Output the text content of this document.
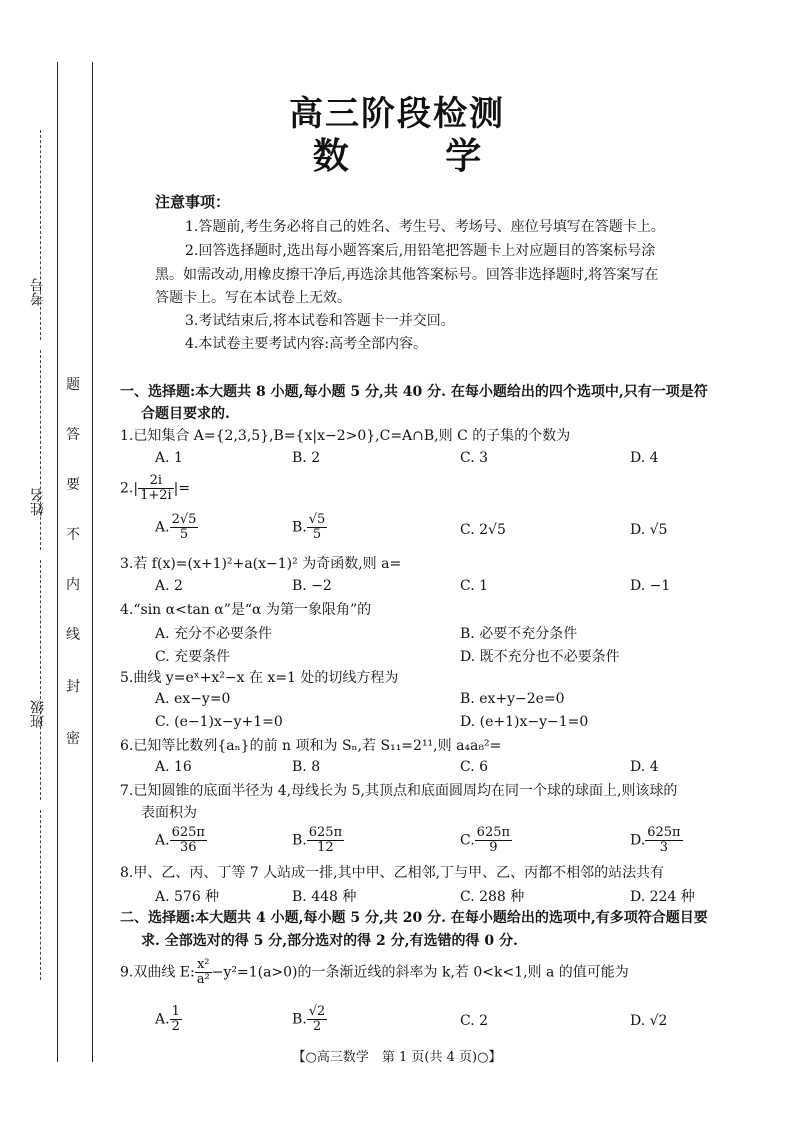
考号
姓名
班级
密
封
线
内
不
要
答
题
高三阶段检测
数 学
注意事项：
1.答题前,考生务必将自己的姓名、考生号、考场号、座位号填写在答题卡上。
2.回答选择题时,选出每小题答案后,用铅笔把答题卡上对应题目的答案标号涂
黑。如需改动,用橡皮擦干净后,再选涂其他答案标号。回答非选择题时,将答案写在
答题卡上。写在本试卷上无效。
3.考试结束后,将本试卷和答题卡一并交回。
4.本试卷主要考试内容:高考全部内容。
一、选择题:本大题共 8 小题,每小题 5 分,共 40 分. 在每小题给出的四个选项中,只有一项是符
合题目要求的.
1.已知集合 A={2,3,5},B={x|x−2>0},C=A∩B,则 C 的子集的个数为
A. 1	B. 2	C. 3	D. 4
$2.| \frac{2i}{1+2i}$ |=
A. $\frac{2√5}{5}$	B. $\frac{√5}{5}$	C. 2√5	D. √5
3.若 f(x)=(x+1)²+a(x−1)² 为奇函数,则 a=
A. 2	B. −2	C. 1	D. −1
4.“sin α<tan α”是“α 为第一象限角”的
A. 充分不必要条件	B. 必要不充分条件
C. 充要条件	D. 既不充分也不必要条件
5.曲线 y=eˣ+x²−x 在 x=1 处的切线方程为
A. ex−y=0	B. ex+y−2e=0
C. (e−1)x−y+1=0	D. (e+1)x−y−1=0
6.已知等比数列{aₙ}的前 n 项和为 Sₙ,若 S₁₁=2¹¹,则 a₄a₈²=
A. 16	B. 8	C. 6	D. 4
7.已知圆锥的底面半径为 4,母线长为 5,其顶点和底面圆周均在同一个球的球面上,则该球的
表面积为
A. $\frac{625\pi}{36}$	B. $\frac{625\pi}{12}$	C. $\frac{625\pi}{9}$	D. $\frac{625\pi}{3}$
8.甲、乙、丙、丁等 7 人站成一排,其中甲、乙相邻,丁与甲、乙、丙都不相邻的站法共有
A. 576 种	B. 448 种	C. 288 种	D. 224 种
二、选择题:本大题共 4 小题,每小题 5 分,共 20 分. 在每小题给出的选项中,有多项符合题目要
求. 全部选对的得 5 分,部分选对的得 2 分,有选错的得 0 分.
9.双曲线 E: $\frac{\text{x²}}{\text{a²}} -y^2=1(a>0)$的一条渐近线的斜率为 k,若 0<k<1,则 a 的值可能为
A. $\frac{1}{2}$	B. $\frac{√2}{2}$	C. 2	D. √2
【○高三数学　第 1 页(共 4 页)○】
